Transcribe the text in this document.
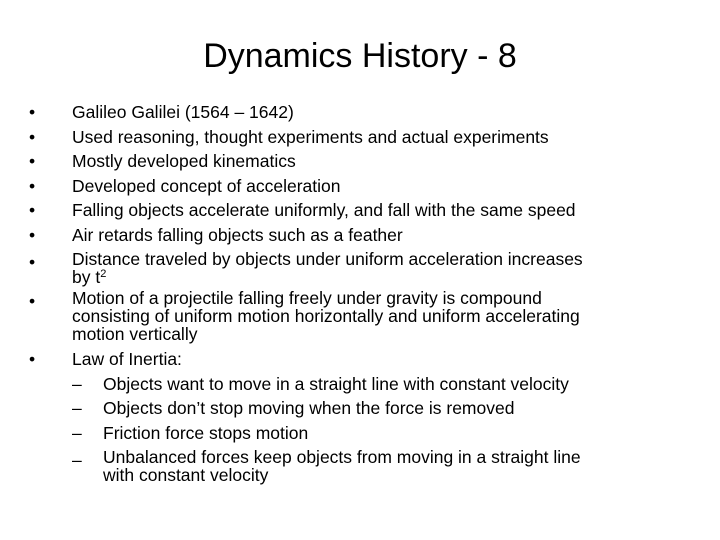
Dynamics History - 8
•	Galileo Galilei (1564 – 1642)
•	Used reasoning, thought experiments and actual experiments
•	Mostly developed kinematics
•	Developed concept of acceleration
•	Falling objects accelerate uniformly, and fall with the same speed
•	Air retards falling objects such as a feather
•	Distance traveled by objects under uniform acceleration increases
by $t^2$
•	Motion of a projectile falling freely under gravity is compound
consisting of uniform motion horizontally and uniform accelerating
motion vertically
•	Law of Inertia:
– Objects want to move in a straight line with constant velocity
– Objects don’t stop moving when the force is removed
– Friction force stops motion
– Unbalanced forces keep objects from moving in a straight line
with constant velocity
